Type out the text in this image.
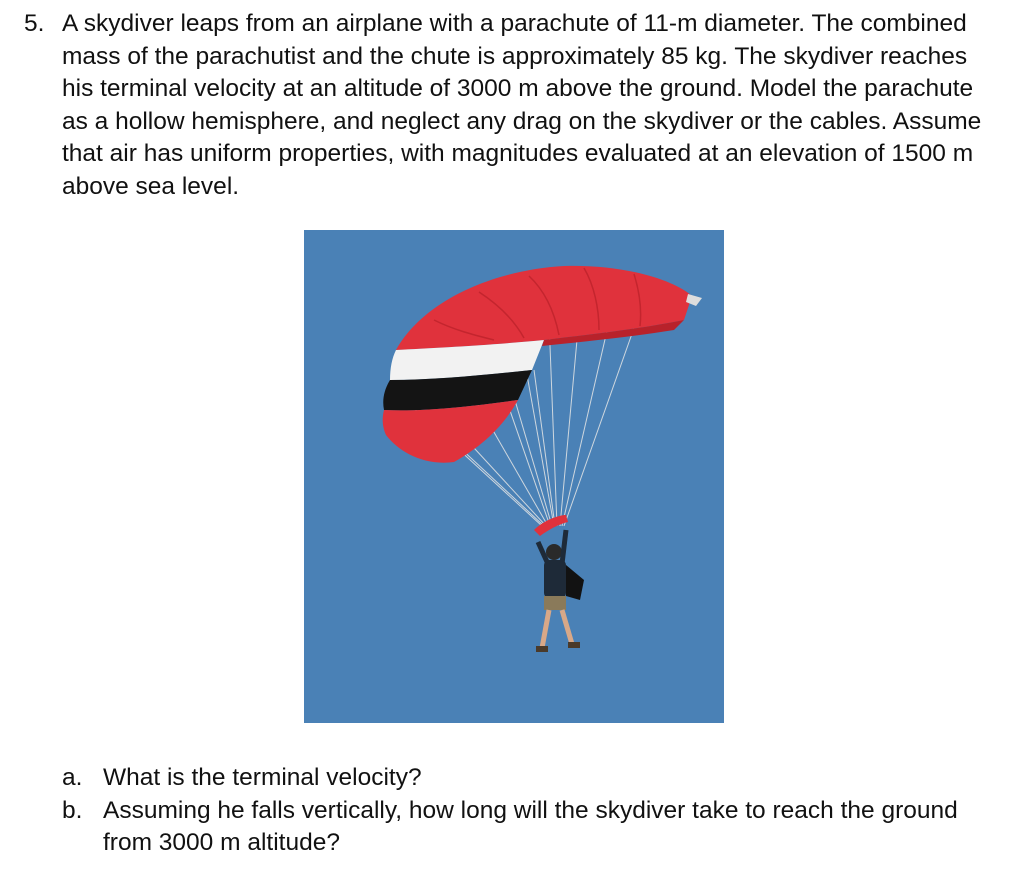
5. A skydiver leaps from an airplane with a parachute of 11-m diameter. The combined mass of the parachutist and the chute is approximately 85 kg. The skydiver reaches his terminal velocity at an altitude of 3000 m above the ground. Model the parachute as a hollow hemisphere, and neglect any drag on the skydiver or the cables. Assume that air has uniform properties, with magnitudes evaluated at an elevation of 1500 m above sea level.
a. What is the terminal velocity?
b. Assuming he falls vertically, how long will the skydiver take to reach the ground from 3000 m altitude?
